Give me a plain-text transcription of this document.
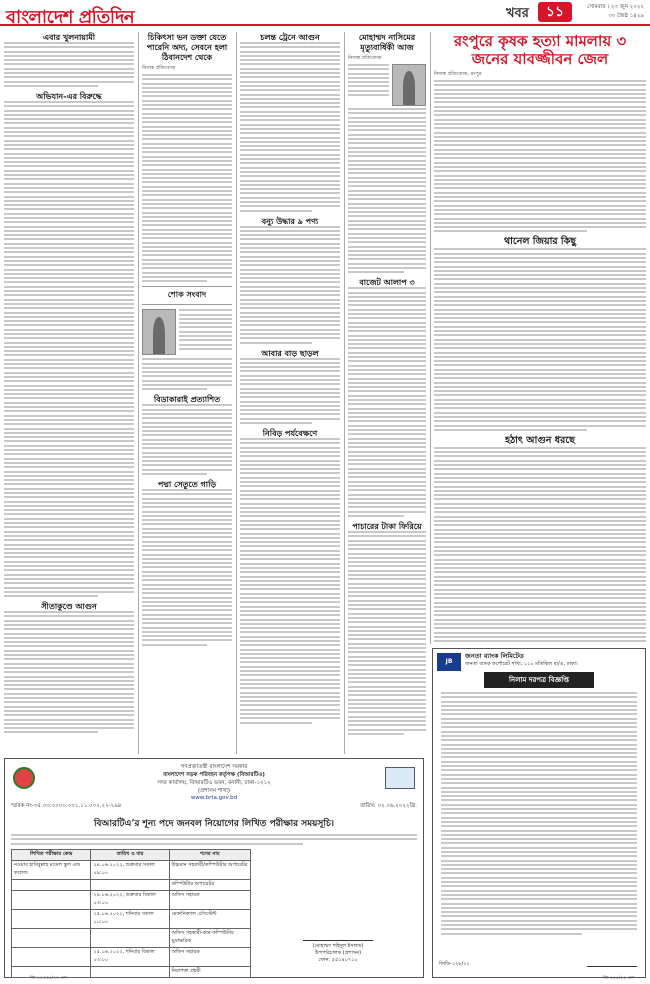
বাংলাদেশ প্রতিদিন	খবর	১১	সোমবার । ২৩ জুন ২০২২
৩০ জৈষ্ঠ ১৪২৯
এবার খুলনায়ামী
অভিযান-এর বিরুদ্ধে
সীতাকুণ্ডে আগুন
চিকিৎসা ভন ডক্তা যেতে পারেনি অদ্য, সেবনে হলা ঠিবানদেশ থেকে
নিজস্ব প্রতিবেদক
শোক সংবাদ
বিডাকারাই প্রত্যাশিত
পদ্মা সেতুতে গাড়ি
চলন্ত ট্রেনে আগুন
বন্যু উদ্ধার ৯ পণ্য
আবার বাড় ছাড়ল
নিবিড় পর্যবেক্ষণে
মোহাম্মদ নাসিমের মৃত্যুবার্ষিকী আজ
নিজস্ব প্রতিবেদক
বাজেট আলাপ ৩
পাচারের টাকা ফিরিয়ে
রংপুরে কৃষক হত্যা মামলায় ৩ জনের যাবজ্জীবন জেল
নিজস্ব প্রতিবেদক, রংপুর
থানেল জিয়ার কিছু
হঠাৎ আগুন ধরছে
JB
জনতা ব্যাংক লিমিটেড
জনতা ব্যাংক কর্পোরেট শাখা, ১১০ মতিঝিল বা/এ, ঢাকা।
নিলাম দরপত্র বিজ্ঞপ্তি
জিডি-১২৮/২২
গণপ্রজাতন্ত্রী বাংলাদেশ সরকার
বাংলাদেশ সড়ক পরিবহন কর্তৃপক্ষ (বিআরটিএ)
সদর কার্যালয়, বিআরটিএ ভবন, বনানী, ঢাকা-১২১২
(প্রশাসন শাখা)
www.brta.gov.bd
স্মারক নং-৩৫.০৩.০০০০.০০১.১১.০০২.২২-২৯৪	তারিখ: ০২.০৬.২০২২খ্রি.
বিআরটিএ’র শূন্য পদে জনবল নিয়োগের লিখিত পরীক্ষার সময়সূচি।
লিখিত পরীক্ষার কেন্দ্র	তারিখ ও বার	পদের নাম
নওয়াব হাবিবুল্লাহ মডেল স্কুল এন্ড কলেজ	২৪.০৬.২০২২, শুক্রবার সকাল ০৯:০০	উচ্চমান সহকারী/কম্পিউটার অপারেটর
		কম্পিউটার অপারেটর
	২৪.০৬.২০২২, শুক্রবার বিকাল ০৩:০০	অফিস সহায়ক
	২৫.০৬.২০২২, শনিবার সকাল ১০:০০	মেকানিক্যাল এসিস্টেন্ট
		অফিস সহকারী-কাম-কম্পিউটার মুদ্রাক্ষরিক
	২৫.০৬.২০২২, শনিবার বিকাল ০৩:০০	অফিস সহায়ক
		নিরাপত্তা প্রহরী
(মোহাম্মদ শহিদুল ইসলাম)
উপপরিচালক (প্রশাসন)
ফোন: ৫৫০৪০৭১০
জি-১২৩৩৫/২২ এস	জি-১২৫/২২ এস
